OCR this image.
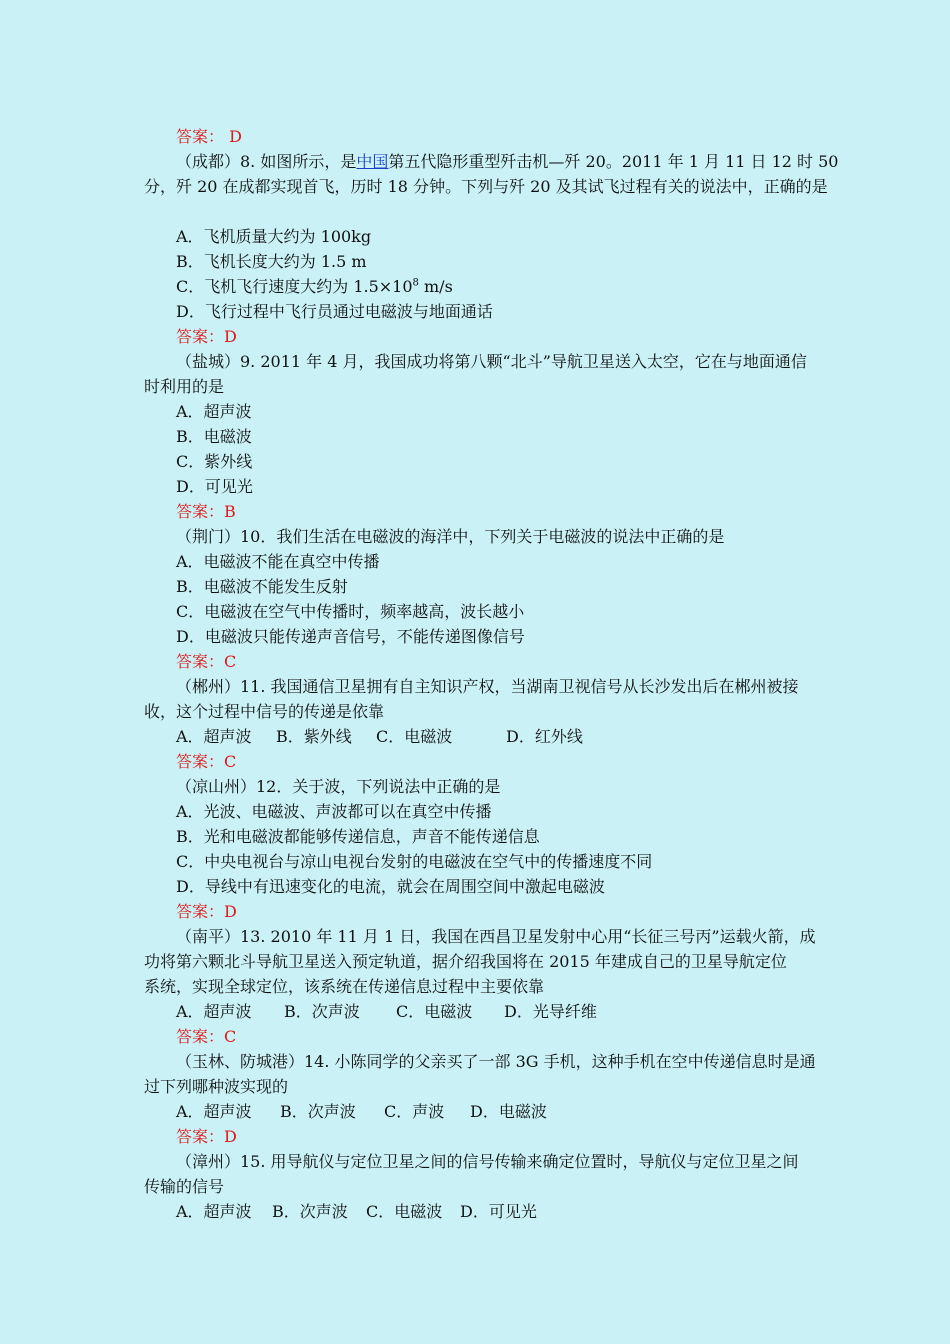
答案： D
（成都）8. 如图所示，是中国第五代隐形重型歼击机—歼 20。2011 年 1 月 11 日 12 时 50
分，歼 20 在成都实现首飞，历时 18 分钟。下列与歼 20 及其试飞过程有关的说法中，正确的是
A．飞机质量大约为 100kg
B．飞机长度大约为 1.5 m
C．飞机飞行速度大约为 $1.5\times 10^8$ m/s
D．飞行过程中飞行员通过电磁波与地面通话
答案：D
（盐城）9. 2011 年 4 月，我国成功将第八颗“北斗”导航卫星送入太空，它在与地面通信
时利用的是
A．超声波
B．电磁波
C．紫外线
D．可见光
答案：B
（荆门）10．我们生活在电磁波的海洋中，下列关于电磁波的说法中正确的是
A．电磁波不能在真空中传播
B．电磁波不能发生反射
C．电磁波在空气中传播时，频率越高，波长越小
D．电磁波只能传递声音信号，不能传递图像信号
答案：C
（郴州）11. 我国通信卫星拥有自主知识产权，当湖南卫视信号从长沙发出后在郴州被接
收，这个过程中信号的传递是依靠
A．超声波 B．紫外线 C．电磁波	D．红外线
答案：C
（凉山州）12．关于波，下列说法中正确的是
A．光波、电磁波、声波都可以在真空中传播
B．光和电磁波都能够传递信息，声音不能传递信息
C．中央电视台与凉山电视台发射的电磁波在空气中的传播速度不同
D．导线中有迅速变化的电流，就会在周围空间中激起电磁波
答案：D
（南平）13. 2010 年 11 月 1 日，我国在西昌卫星发射中心用“长征三号丙”运载火箭，成
功将第六颗北斗导航卫星送入预定轨道，据介绍我国将在 2015 年建成自己的卫星导航定位
系统，实现全球定位，该系统在传递信息过程中主要依靠
A．超声波 B．次声波 C．电磁波 D．光导纤维
答案：C
（玉林、防城港）14. 小陈同学的父亲买了一部 3G 手机，这种手机在空中传递信息时是通
过下列哪种波实现的
A．超声波 B．次声波 C．声波 D．电磁波
答案：D
（漳州）15. 用导航仪与定位卫星之间的信号传输来确定位置时，导航仪与定位卫星之间
传输的信号
A．超声波 B．次声波 C．电磁波 D．可见光
